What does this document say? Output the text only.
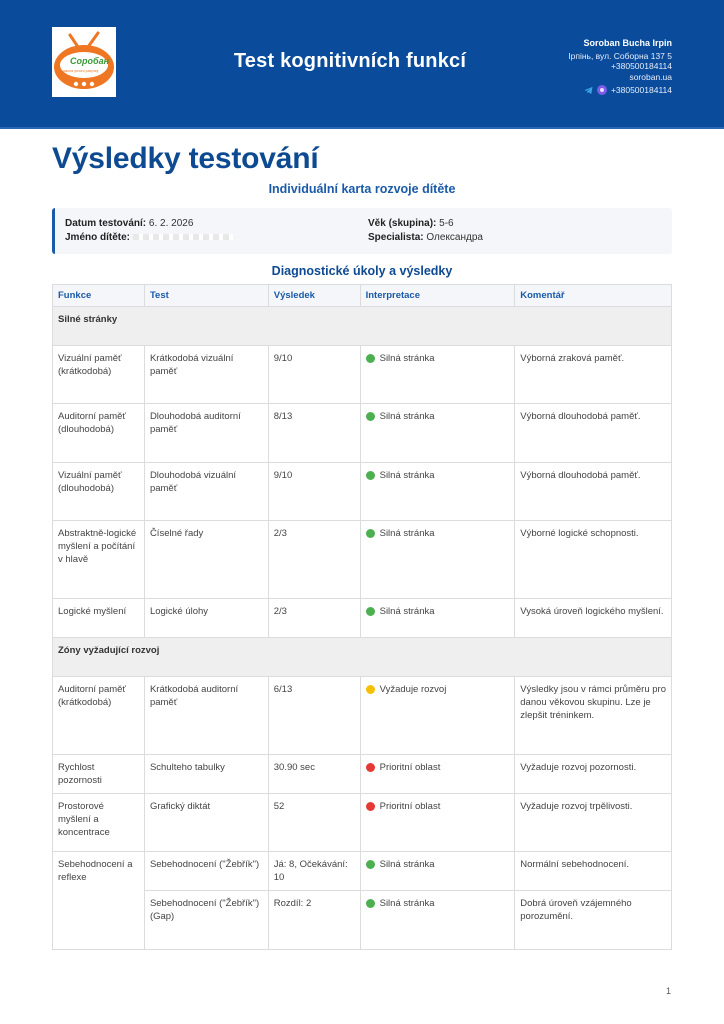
Соробан
школа усного рахунку	Test kognitivních funkcí
Soroban Bucha Irpin
Ірпінь, вул. Соборна 137 5
+380500184114
soroban.ua
+380500184114
Výsledky testování
Individuální karta rozvoje dítěte
Datum testování: 6. 2. 2026
Jméno dítěte:
Věk (skupina): 5-6
Specialista: Олександра
Diagnostické úkoly a výsledky
Funkce	Test	Výsledek	Interpretace	Komentář
Silné stránky				
Vizuální paměť (krátkodobá)	Krátkodobá vizuální paměť	9/10	Silná stránka	Výborná zraková paměť.
Auditorní paměť (dlouhodobá)	Dlouhodobá auditorní paměť	8/13	Silná stránka	Výborná dlouhodobá paměť.
Vizuální paměť (dlouhodobá)	Dlouhodobá vizuální paměť	9/10	Silná stránka	Výborná dlouhodobá paměť.
Abstraktně-logické myšlení a počítání v hlavě	Číselné řady	2/3	Silná stránka	Výborné logické schopnosti.
Logické myšlení	Logické úlohy	2/3	Silná stránka	Vysoká úroveň logického myšlení.
Zóny vyžadující rozvoj				
Auditorní paměť (krátkodobá)	Krátkodobá auditorní paměť	6/13	Vyžaduje rozvoj	Výsledky jsou v rámci průměru pro danou věkovou skupinu. Lze je zlepšit tréninkem.
Rychlost pozornosti	Schulteho tabulky	30.90 sec	Prioritní oblast	Vyžaduje rozvoj pozornosti.
Prostorové myšlení a koncentrace	Grafický diktát	52	Prioritní oblast	Vyžaduje rozvoj trpělivosti.
Sebehodnocení a reflexe	Sebehodnocení ("Žebřík")	Já: 8, Očekávání: 10	Silná stránka	Normální sebehodnocení.
	Sebehodnocení ("Žebřík") (Gap)	Rozdíl: 2	Silná stránka	Dobrá úroveň vzájemného porozumění.
1
